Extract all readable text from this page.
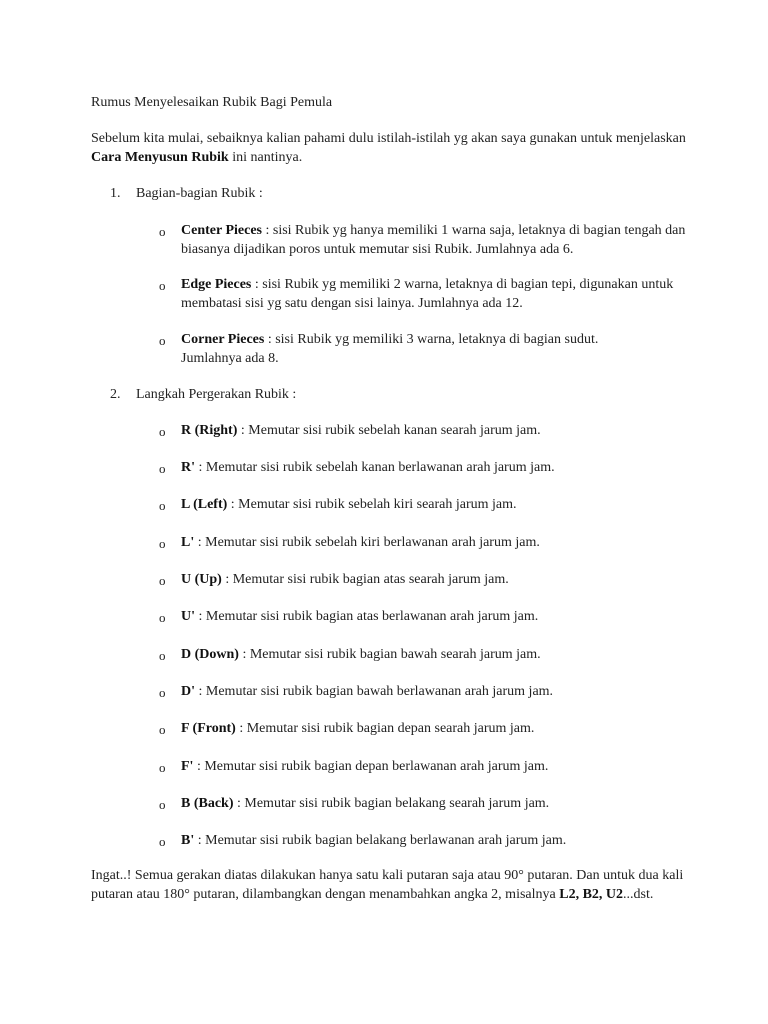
Rumus Menyelesaikan Rubik Bagi Pemula
Sebelum kita mulai, sebaiknya kalian pahami dulu istilah-istilah yg akan saya gunakan untuk menjelaskan Cara Menyusun Rubik ini nantinya.
1. Bagian-bagian Rubik :
o Center Pieces : sisi Rubik yg hanya memiliki 1 warna saja, letaknya di bagian tengah dan biasanya dijadikan poros untuk memutar sisi Rubik. Jumlahnya ada 6.
o Edge Pieces : sisi Rubik yg memiliki 2 warna, letaknya di bagian tepi, digunakan untuk membatasi sisi yg satu dengan sisi lainya. Jumlahnya ada 12.
o Corner Pieces : sisi Rubik yg memiliki 3 warna, letaknya di bagian sudut. Jumlahnya ada 8.
2. Langkah Pergerakan Rubik :
o R (Right) : Memutar sisi rubik sebelah kanan searah jarum jam.
o R' : Memutar sisi rubik sebelah kanan berlawanan arah jarum jam.
o L (Left) : Memutar sisi rubik sebelah kiri searah jarum jam.
o L' : Memutar sisi rubik sebelah kiri berlawanan arah jarum jam.
o U (Up) : Memutar sisi rubik bagian atas searah jarum jam.
o U' : Memutar sisi rubik bagian atas berlawanan arah jarum jam.
o D (Down) : Memutar sisi rubik bagian bawah searah jarum jam.
o D' : Memutar sisi rubik bagian bawah berlawanan arah jarum jam.
o F (Front) : Memutar sisi rubik bagian depan searah jarum jam.
o F' : Memutar sisi rubik bagian depan berlawanan arah jarum jam.
o B (Back) : Memutar sisi rubik bagian belakang searah jarum jam.
o B' : Memutar sisi rubik bagian belakang berlawanan arah jarum jam.
Ingat..! Semua gerakan diatas dilakukan hanya satu kali putaran saja atau 90° putaran. Dan untuk dua kali putaran atau 180° putaran, dilambangkan dengan menambahkan angka 2, misalnya L2, B2, U2...dst.
